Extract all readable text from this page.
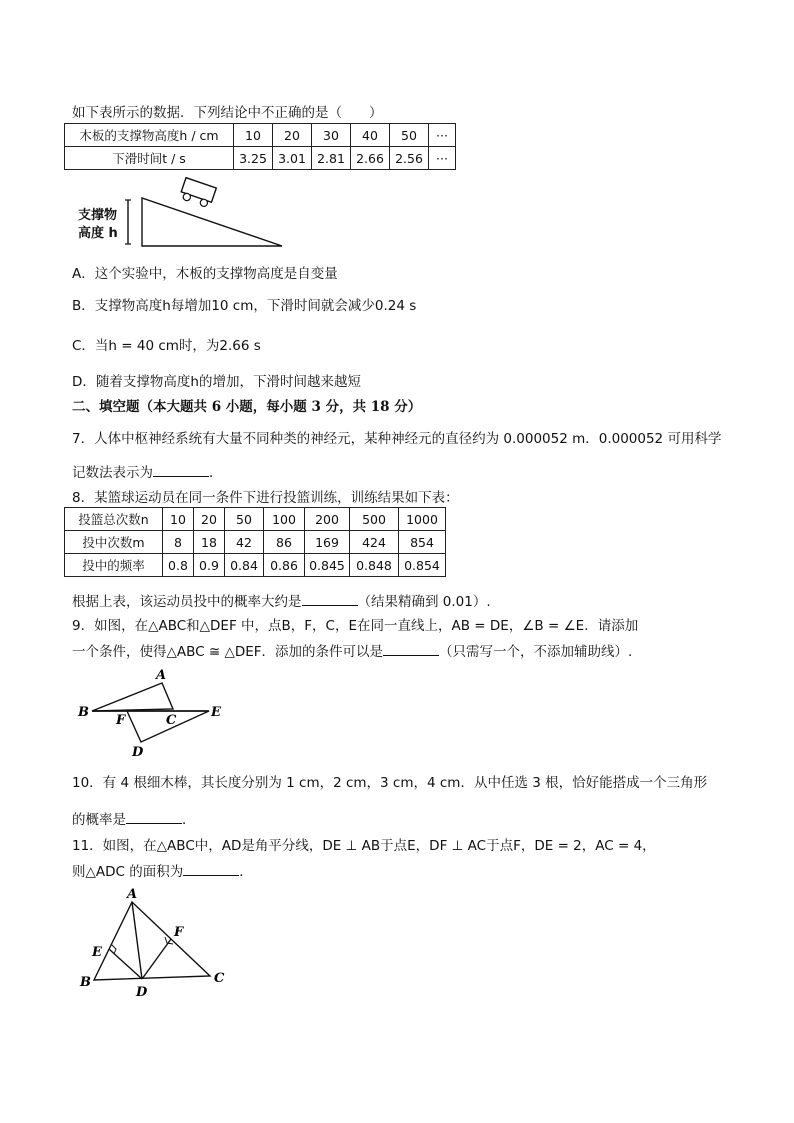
如下表所示的数据．下列结论中不正确的是（　　）
木板的支撑物高度h / cm	10	20	30	40	50	···
下滑时间t / s	3.25	3.01	2.81	2.66	2.56	···
支撑物
高度 h
A．这个实验中，木板的支撑物高度是自变量
B．支撑物高度h每增加10 cm，下滑时间就会减少0.24 s
C．当h = 40 cm时，为2.66 s
D．随着支撑物高度h的增加，下滑时间越来越短
二、填空题（本大题共 6 小题，每小题 3 分，共 18 分）
7．人体中枢神经系统有大量不同种类的神经元，某种神经元的直径约为 0.000052 m．0.000052 可用科学
记数法表示为	．
8．某篮球运动员在同一条件下进行投篮训练，训练结果如下表：
投篮总次数n	10	20	50	100	200	500	1000
投中次数m	8	18	42	86	169	424	854
投中的频率	0.8	0.9	0.84	0.86	0.845	0.848	0.854
根据上表，该运动员投中的概率大约是	（结果精确到 0.01）.
9．如图，在△ABC和△DEF 中，点B，F，C，E在同一直线上，AB = DE，∠B = ∠E．请添加
一个条件，使得△ABC ≅ △DEF．添加的条件可以是	（只需写一个，不添加辅助线）.
A
B
F	C
E
D
10．有 4 根细木棒，其长度分别为 1 cm，2 cm，3 cm，4 cm．从中任选 3 根，恰好能搭成一个三角形
的概率是	．
11．如图，在△ABC中，AD是角平分线，DE ⊥ AB于点E，DF ⊥ AC于点F，DE = 2，AC = 4，
则△ADC 的面积为	．
A
E
F
B
D
C
